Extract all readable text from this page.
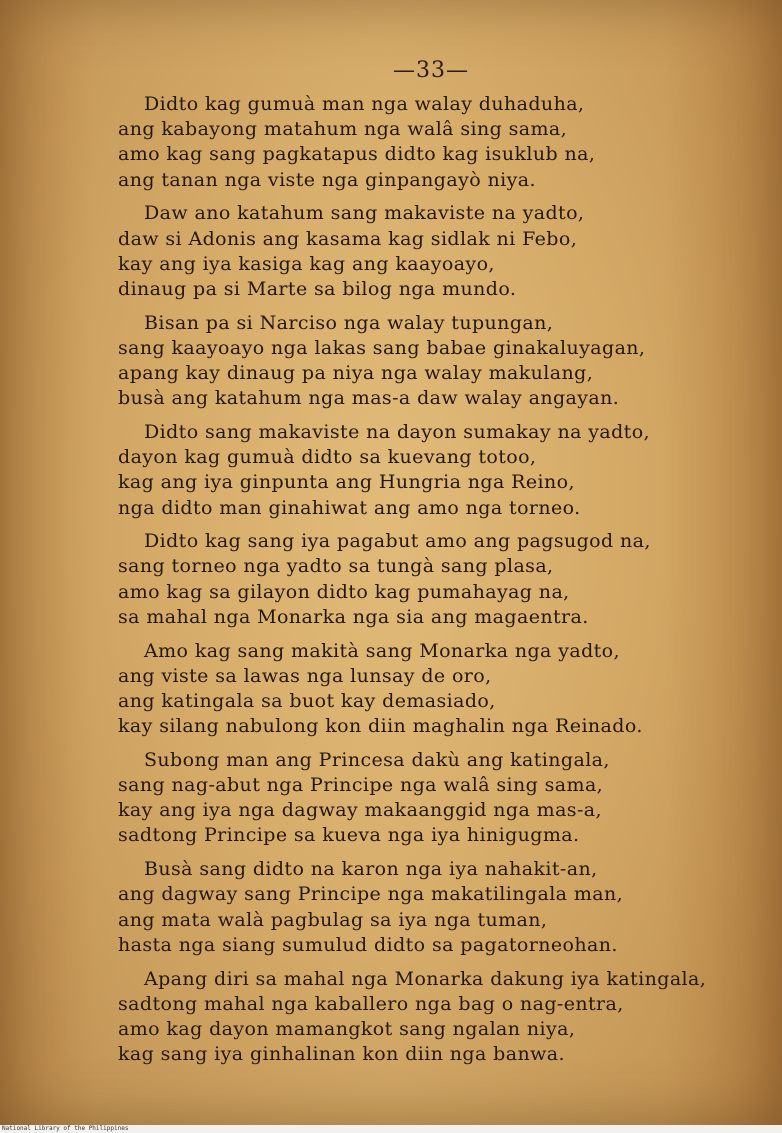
—33—
Didto kag gumuà man nga walay duhaduha,
ang kabayong matahum nga walâ sing sama,
amo kag sang pagkatapus didto kag isuklub na,
ang tanan nga viste nga ginpangayò niya.
Daw ano katahum sang makaviste na yadto,
daw si Adonis ang kasama kag sidlak ni Febo,
kay ang iya kasiga kag ang kaayoayo,
dinaug pa si Marte sa bilog nga mundo.
Bisan pa si Narciso nga walay tupungan,
sang kaayoayo nga lakas sang babae ginakaluyagan,
apang kay dinaug pa niya nga walay makulang,
busà ang katahum nga mas-a daw walay angayan.
Didto sang makaviste na dayon sumakay na yadto,
dayon kag gumuà didto sa kuevang totoo,
kag ang iya ginpunta ang Hungria nga Reino,
nga didto man ginahiwat ang amo nga torneo.
Didto kag sang iya pagabut amo ang pagsugod na,
sang torneo nga yadto sa tungà sang plasa,
amo kag sa gilayon didto kag pumahayag na,
sa mahal nga Monarka nga sia ang magaentra.
Amo kag sang makità sang Monarka nga yadto,
ang viste sa lawas nga lunsay de oro,
ang katingala sa buot kay demasiado,
kay silang nabulong kon diin maghalin nga Reinado.
Subong man ang Princesa dakù ang katingala,
sang nag-abut nga Principe nga walâ sing sama,
kay ang iya nga dagway makaanggid nga mas-a,
sadtong Principe sa kueva nga iya hinigugma.
Busà sang didto na karon nga iya nahakit-an,
ang dagway sang Principe nga makatilingala man,
ang mata walà pagbulag sa iya nga tuman,
hasta nga siang sumulud didto sa pagatorneohan.
Apang diri sa mahal nga Monarka dakung iya katingala,
sadtong mahal nga kaballero nga bag o nag-entra,
amo kag dayon mamangkot sang ngalan niya,
kag sang iya ginhalinan kon diin nga banwa.
National Library of the Philippines
